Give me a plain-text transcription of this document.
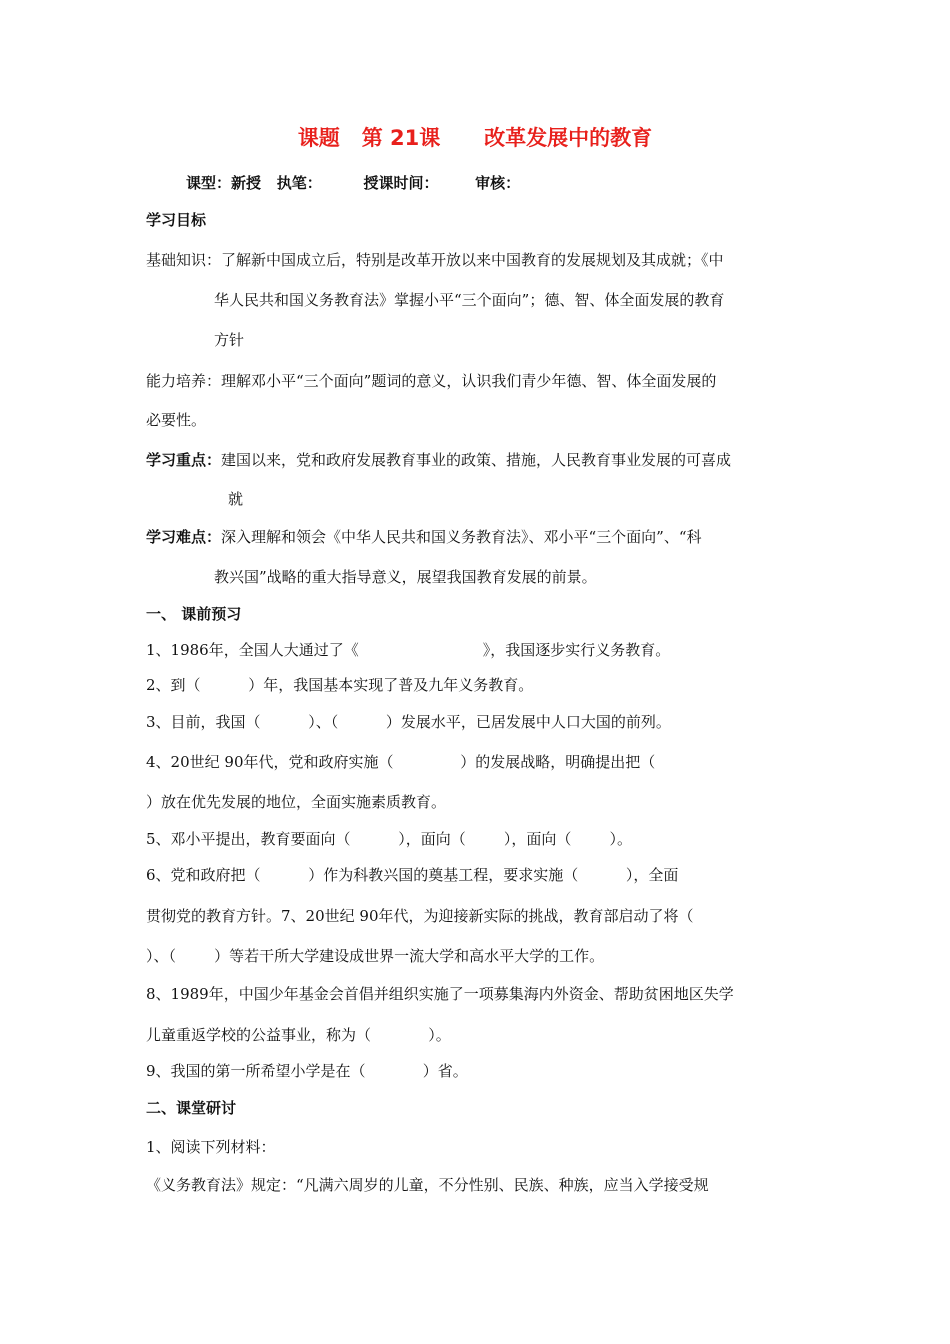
课题 第 21课 改革发展中的教育
课型：新授 执笔：	授课时间： 审核：
学习目标
基础知识：了解新中国成立后，特别是改革开放以来中国教育的发展规划及其成就；《中
华人民共和国义务教育法》掌握小平“三个面向”；德、智、体全面发展的教育
方针
能力培养：理解邓小平“三个面向”题词的意义，认识我们青少年德、智、体全面发展的
必要性。
学习重点：建国以来，党和政府发展教育事业的政策、措施，人民教育事业发展的可喜成
就
学习难点：深入理解和领会《中华人民共和国义务教育法》、邓小平“三个面向”、“科
教兴国”战略的重大指导意义，展望我国教育发展的前景。
一、 课前预习
1、1986年，全国人大通过了《                          》，我国逐步实行义务教育。
2、到（          ）年，我国基本实现了普及九年义务教育。
3、目前，我国（          ）、（          ）发展水平，已居发展中人口大国的前列。
4、20世纪 90年代，党和政府实施（              ）的发展战略，明确提出把（
）放在优先发展的地位，全面实施素质教育。
5、邓小平提出，教育要面向（          ），面向（        ），面向（        ）。
6、党和政府把（          ）作为科教兴国的奠基工程，要求实施（          ），全面
贯彻党的教育方针。7、20世纪 90年代，为迎接新实际的挑战，教育部启动了将（
）、（        ）等若干所大学建设成世界一流大学和高水平大学的工作。
8、1989年，中国少年基金会首倡并组织实施了一项募集海内外资金、帮助贫困地区失学
儿童重返学校的公益事业，称为（            ）。
9、我国的第一所希望小学是在（            ）省。
二、课堂研讨
1、阅读下列材料：
《义务教育法》规定：“凡满六周岁的儿童，不分性别、民族、种族，应当入学接受规
